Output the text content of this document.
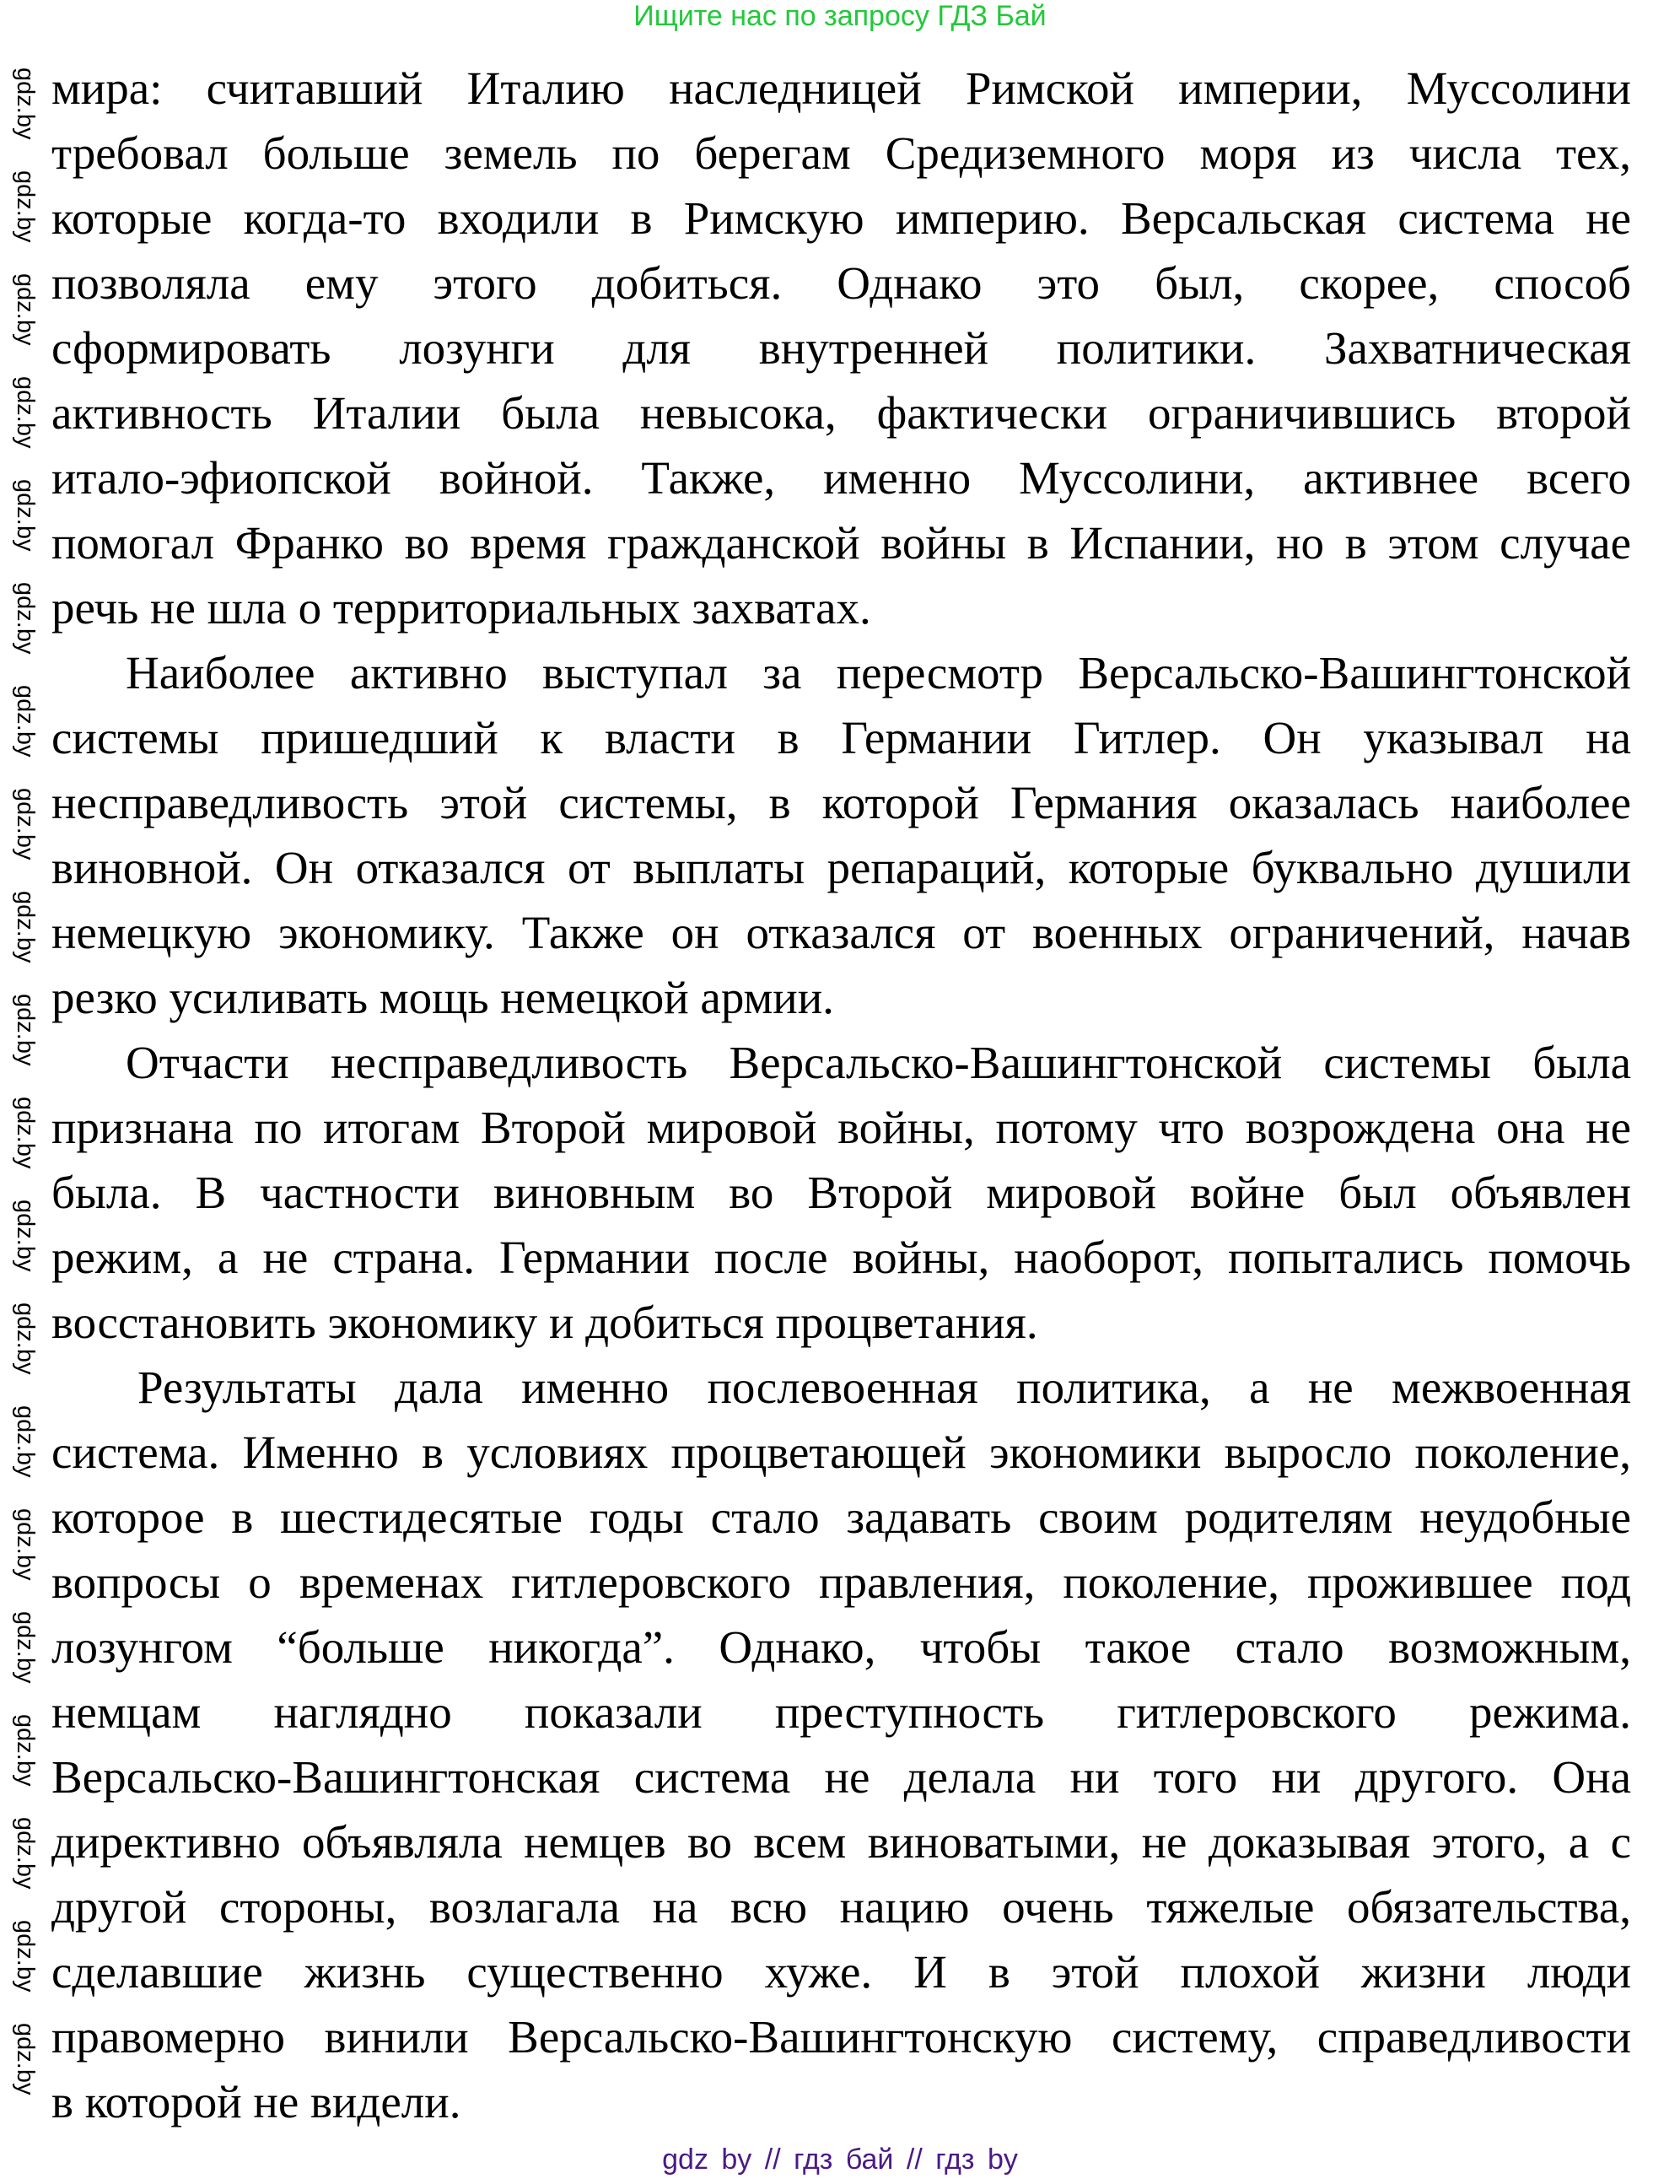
Ищите нас по запросу ГДЗ Бай
мира: считавший Италию наследницей Римской империи, Муссолини
требовал больше земель по берегам Средиземного моря из числа тех,
которые когда-то входили в Римскую империю. Версальская система не
позволяла ему этого добиться. Однако это был, скорее, способ
сформировать лозунги для внутренней политики. Захватническая
активность Италии была невысока, фактически ограничившись второй
итало-эфиопской войной. Также, именно Муссолини, активнее всего
помогал Франко во время гражданской войны в Испании, но в этом случае
речь не шла о территориальных захватах.
Наиболее активно выступал за пересмотр Версальско-Вашингтонской
системы пришедший к власти в Германии Гитлер. Он указывал на
несправедливость этой системы, в которой Германия оказалась наиболее
виновной. Он отказался от выплаты репараций, которые буквально душили
немецкую экономику. Также он отказался от военных ограничений, начав
резко усиливать мощь немецкой армии.
Отчасти несправедливость Версальско-Вашингтонской системы была
признана по итогам Второй мировой войны, потому что возрождена она не
была. В частности виновным во Второй мировой войне был объявлен
режим, а не страна. Германии после войны, наоборот, попытались помочь
восстановить экономику и добиться процветания.
Результаты дала именно послевоенная политика, а не межвоенная
система. Именно в условиях процветающей экономики выросло поколение,
которое в шестидесятые годы стало задавать своим родителям неудобные
вопросы о временах гитлеровского правления, поколение, прожившее под
лозунгом “больше никогда”. Однако, чтобы такое стало возможным,
немцам наглядно показали преступность гитлеровского режима.
Версальско-Вашингтонская система не делала ни того ни другого. Она
директивно объявляла немцев во всем виноватыми, не доказывая этого, а с
другой стороны, возлагала на всю нацию очень тяжелые обязательства,
сделавшие жизнь существенно хуже. И в этой плохой жизни люди
правомерно винили Версальско-Вашингтонскую систему, справедливости
в которой не видели.
gdz.by
gdz.by
gdz.by
gdz.by
gdz.by
gdz.by
gdz.by
gdz.by
gdz.by
gdz.by
gdz.by
gdz.by
gdz.by
gdz.by
gdz.by
gdz.by
gdz.by
gdz.by
gdz.by
gdz.by
gdz by // гдз бай // гдз by
